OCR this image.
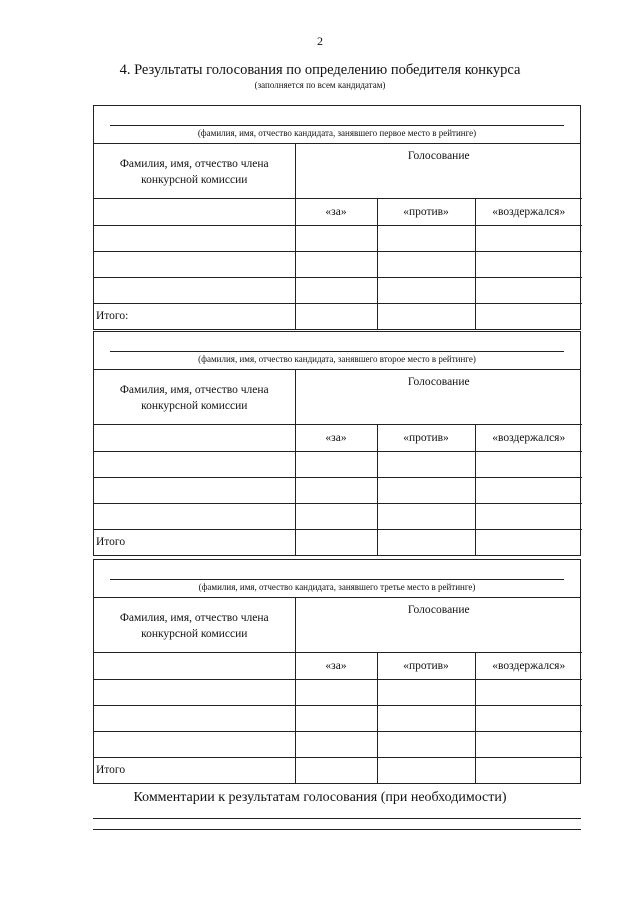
2
4. Результаты голосования по определению победителя конкурса
(заполняется по всем кандидатам)
(фамилия, имя, отчество кандидата, занявшего первое место в рейтинге)
Фамилия, имя, отчество члена конкурсной комиссии	Голосование		
	«за»	«против»	«воздержался»

Итого:			
(фамилия, имя, отчество кандидата, занявшего второе место в рейтинге)
Фамилия, имя, отчество члена конкурсной комиссии	Голосование		
	«за»	«против»	«воздержался»

Итого			
(фамилия, имя, отчество кандидата, занявшего третье место в рейтинге)
Фамилия, имя, отчество члена конкурсной комиссии	Голосование		
	«за»	«против»	«воздержался»

Итого			
Комментарии к результатам голосования (при необходимости)
